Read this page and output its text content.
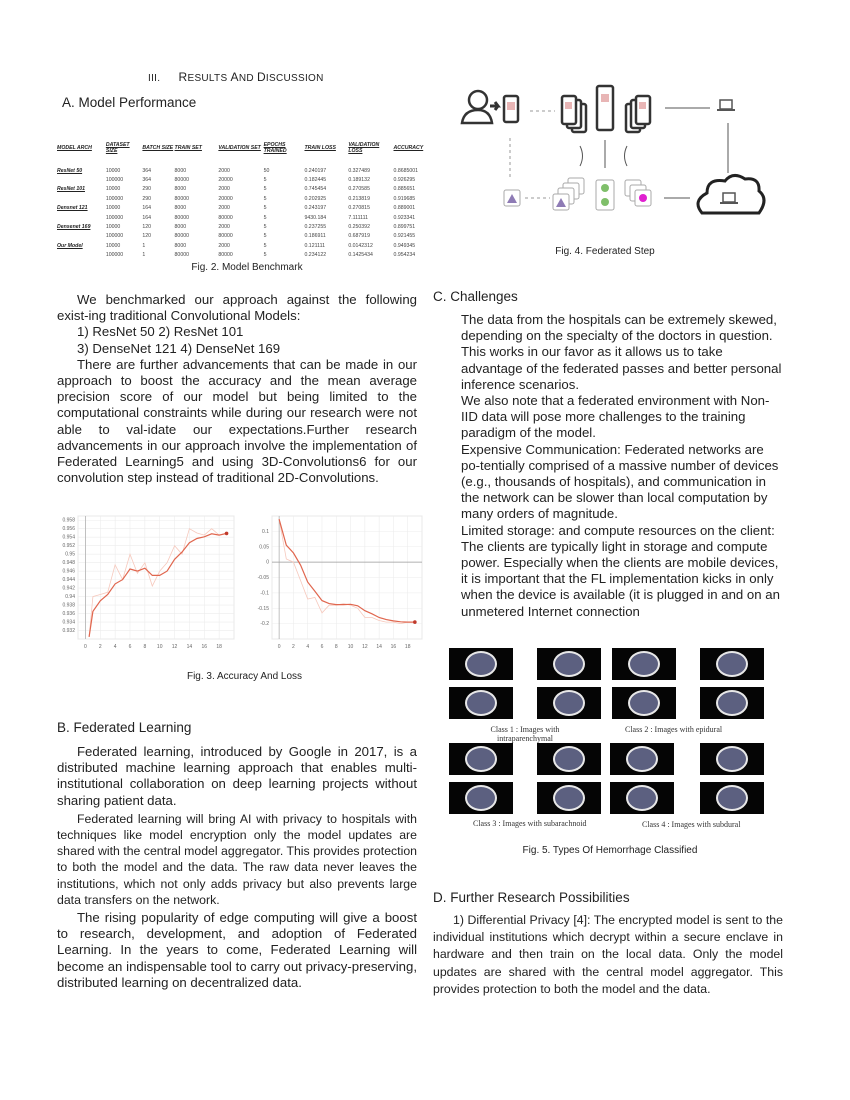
III. RESULTS AND DISCUSSION
A. Model Performance
MODEL ARCH	DATASET SIZE	BATCH SIZE	TRAIN SET	VALIDATION SET	EPOCHS TRAINED	TRAIN LOSS	VALIDATION LOSS	ACCURACY
ResNet 50	10000	364	8000	2000	50	0.240197	0.327489	0.8685001
	100000	364	80000	20000	5	0.182445	0.189132	0.926295
ResNet 101	10000	290	8000	2000	5	0.745454	0.270585	0.885651
	100000	290	80000	20000	5	0.202925	0.213819	0.919685
Densnet 121	10000	164	8000	2000	5	0.243197	0.270815	0.889001
	100000	164	80000	80000	5	9430.184	7.111111	0.923341
Densenet 169	10000	120	8000	2000	5	0.237255	0.250392	0.899751
	100000	120	80000	80000	5	0.186911	0.687919	0.921455
Our Model	10000	1	8000	2000	5	0.121111	0.0142312	0.949345
	100000	1	80000	80000	5	0.234122	0.1425434	0.954234
Fig. 2. Model Benchmark

We benchmarked our approach against the following exist-ing traditional Convolutional Models:

1) ResNet 50 2) ResNet 101

3) DenseNet 121 4) DenseNet 169

There are further advancements that can be made in our approach to boost the accuracy and the mean average precision score of our model but being limited to the computational constraints while during our research were not able to val-idate our expectations.Further research advancements in our approach involve the implementation of Federated Learning5 and using 3D-Convolutions6 for our convolution step instead of traditional 2D-Convolutions.

0 2 4 6 8 10 12 14 16 18
0.932
0.934
0.936
0.938
0.94
0.942
0.944
0.946
0.948
0.95
0.952
0.954
0.956
0.958
0 2 4 6 8 10 12 14 16 18
0.1
0.05
0
-0.05
-0.1
-0.15
-0.2
Fig. 3. Accuracy And Loss
B. Federated Learning

Federated learning, introduced by Google in 2017, is a distributed machine learning approach that enables multi-institutional collaboration on deep learning projects without sharing patient data.

Federated learning will bring AI with privacy to hospitals with techniques like model encryption only the model updates are shared with the central model aggregator. This provides protection to both the model and the data. The raw data never leaves the institutions, which not only adds privacy but also prevents large data transfers on the network.

The rising popularity of edge computing will give a boost to research, development, and adoption of Federated Learning. In the years to come, Federated Learning will become an indispensable tool to carry out privacy-preserving, distributed learning on decentralized data.

Fig. 4. Federated Step
C. Challenges

The data from the hospitals can be extremely skewed, depending on the specialty of the doctors in question. This works in our favor as it allows us to take advantage of the federated passes and better personal inference scenarios.

We also note that a federated environment with Non-IID data will pose more challenges to the training paradigm of the model.

Expensive Communication: Federated networks are po-tentially comprised of a massive number of devices (e.g., thousands of hospitals), and communication in the network can be slower than local computation by many orders of magnitude.

Limited storage: and compute resources on the client: The clients are typically light in storage and compute power. Especially when the clients are mobile devices, it is important that the FL implementation kicks in only when the device is available (it is plugged in and on an unmetered Internet connection

Class 1 : Images with intraparenchymal
Class 2 : Images with epidural
Class 3 : Images with subarachnoid	Class 4 : Images with subdural
Fig. 5. Types Of Hemorrhage Classified
D. Further Research Possibilities

1) Differential Privacy [4]: The encrypted model is sent to the individual institutions which decrypt within a secure enclave in hardware and then train on the local data. Only the model updates are shared with the central model aggregator. This provides protection to both the model and the data.
